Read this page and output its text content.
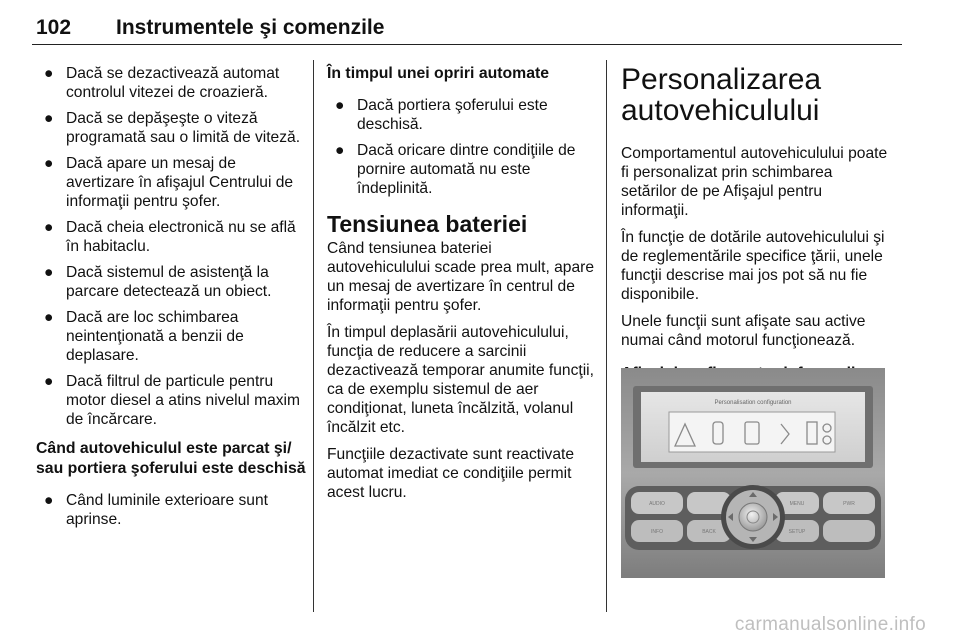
102 Instrumentele şi comenzile
● Dacă se dezactivează automat controlul vitezei de croazieră.
● Dacă se depăşeşte o viteză programată sau o limită de viteză.
● Dacă apare un mesaj de avertizare în afişajul Centrului de informaţii pentru şofer.
● Dacă cheia electronică nu se află în habitaclu.
● Dacă sistemul de asistenţă la parcare detectează un obiect.
● Dacă are loc schimbarea neintenţionată a benzii de deplasare.
● Dacă filtrul de particule pentru motor diesel a atins nivelul maxim de încărcare.
Când autovehiculul este parcat şi/ sau portiera şoferului este deschisă
● Când luminile exterioare sunt aprinse.
În timpul unei opriri automate
● Dacă portiera şoferului este deschisă.
● Dacă oricare dintre condiţiile de pornire automată nu este îndeplinită.
Tensiunea bateriei

Când tensiunea bateriei autovehiculului scade prea mult, apare un mesaj de avertizare în centrul de informaţii pentru şofer.

În timpul deplasării autovehiculului, funcţia de reducere a sarcinii dezactivează temporar anumite funcţii, ca de exemplu sistemul de aer condiţionat, luneta încălzită, volanul încălzit etc.

Funcţiile dezactivate sunt reactivate automat imediat ce condiţiile permit acest lucru.

Personalizarea autovehiculului

Comportamentul autovehiculului poate fi personalizat prin schimbarea setărilor de pe Afişajul pentru informaţii.

În funcţie de dotările autovehiculului şi de reglementările specifice ţării, unele funcţii descrise mai jos pot să nu fie disponibile.

Unele funcţii sunt afişate sau active numai când motorul funcţionează.

Personalisation configuration
AUDIO	MENU
BACK
INFO	SETUP
PWR
carmanualsonline.info
